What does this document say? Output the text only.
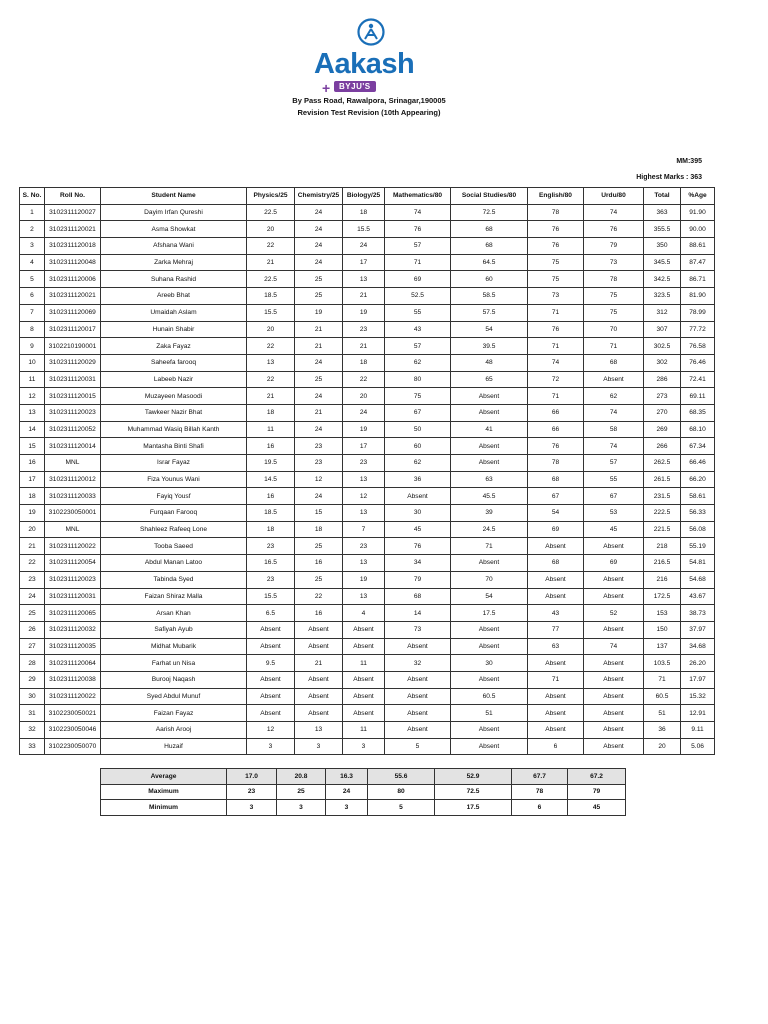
Aakash
+	BYJU'S
By Pass Road, Rawalpora, Srinagar,190005
Revision Test Revision (10th Appearing)
MM:395
Highest Marks : 363
S. No.	Roll No.	Student Name	Physics/25	Chemistry/25	Biology/25	Mathematics/80	Social Studies/80	English/80	Urdu/80	Total	%Age
1	3102311120027	Dayim Irfan Qureshi	22.5	24	18	74	72.5	78	74	363	91.90
2	3102311120021	Asma Showkat	20	24	15.5	76	68	76	76	355.5	90.00
3	3102311120018	Afshana Wani	22	24	24	57	68	76	79	350	88.61
4	3102311120048	Zarka Mehraj	21	24	17	71	64.5	75	73	345.5	87.47
5	3102311120006	Suhana Rashid	22.5	25	13	69	60	75	78	342.5	86.71
6	3102311120021	Areeb Bhat	18.5	25	21	52.5	58.5	73	75	323.5	81.90
7	3102311120069	Umaidah Aslam	15.5	19	19	55	57.5	71	75	312	78.99
8	3102311120017	Hunain Shabir	20	21	23	43	54	76	70	307	77.72
9	3102210190001	Zaka Fayaz	22	21	21	57	39.5	71	71	302.5	76.58
10	3102311120029	Saheefa farooq	13	24	18	62	48	74	68	302	76.46
11	3102311120031	Labeeb Nazir	22	25	22	80	65	72	Absent	286	72.41
12	3102311120015	Muzayeen Masoodi	21	24	20	75	Absent	71	62	273	69.11
13	3102311120023	Tawkeer Nazir Bhat	18	21	24	67	Absent	66	74	270	68.35
14	3102311120052	Muhammad Wasiq Billah Kanth	11	24	19	50	41	66	58	269	68.10
15	3102311120014	Mantasha Binti Shafi	16	23	17	60	Absent	76	74	266	67.34
16	MNL	Israr Fayaz	19.5	23	23	62	Absent	78	57	262.5	66.46
17	3102311120012	Fiza Younus Wani	14.5	12	13	36	63	68	55	261.5	66.20
18	3102311120033	Fayiq Yousf	16	24	12	Absent	45.5	67	67	231.5	58.61
19	3102230050001	Furqaan Farooq	18.5	15	13	30	39	54	53	222.5	56.33
20	MNL	Shahleez Rafeeq Lone	18	18	7	45	24.5	69	45	221.5	56.08
21	3102311120022	Tooba Saeed	23	25	23	76	71	Absent	Absent	218	55.19
22	3102311120054	Abdul Manan Latoo	16.5	16	13	34	Absent	68	69	216.5	54.81
23	3102311120023	Tabinda Syed	23	25	19	79	70	Absent	Absent	216	54.68
24	3102311120031	Faizan Shiraz Malla	15.5	22	13	68	54	Absent	Absent	172.5	43.67
25	3102311120065	Arsan Khan	6.5	16	4	14	17.5	43	52	153	38.73
26	3102311120032	Safiyah Ayub	Absent	Absent	Absent	73	Absent	77	Absent	150	37.97
27	3102311120035	Midhat Mubarik	Absent	Absent	Absent	Absent	Absent	63	74	137	34.68
28	3102311120064	Farhat un Nisa	9.5	21	11	32	30	Absent	Absent	103.5	26.20
29	3102311120038	Burooj Naqash	Absent	Absent	Absent	Absent	Absent	71	Absent	71	17.97
30	3102311120022	Syed Abdul Munuf	Absent	Absent	Absent	Absent	60.5	Absent	Absent	60.5	15.32
31	3102230050021	Faizan Fayaz	Absent	Absent	Absent	Absent	51	Absent	Absent	51	12.91
32	3102230050046	Aarish Arooj	12	13	11	Absent	Absent	Absent	Absent	36	9.11
33	3102230050070	Huzaif	3	3	3	5	Absent	6	Absent	20	5.06
Average	17.0	20.8	16.3	55.6	52.9	67.7	67.2
Maximum	23	25	24	80	72.5	78	79
Minimum	3	3	3	5	17.5	6	45
